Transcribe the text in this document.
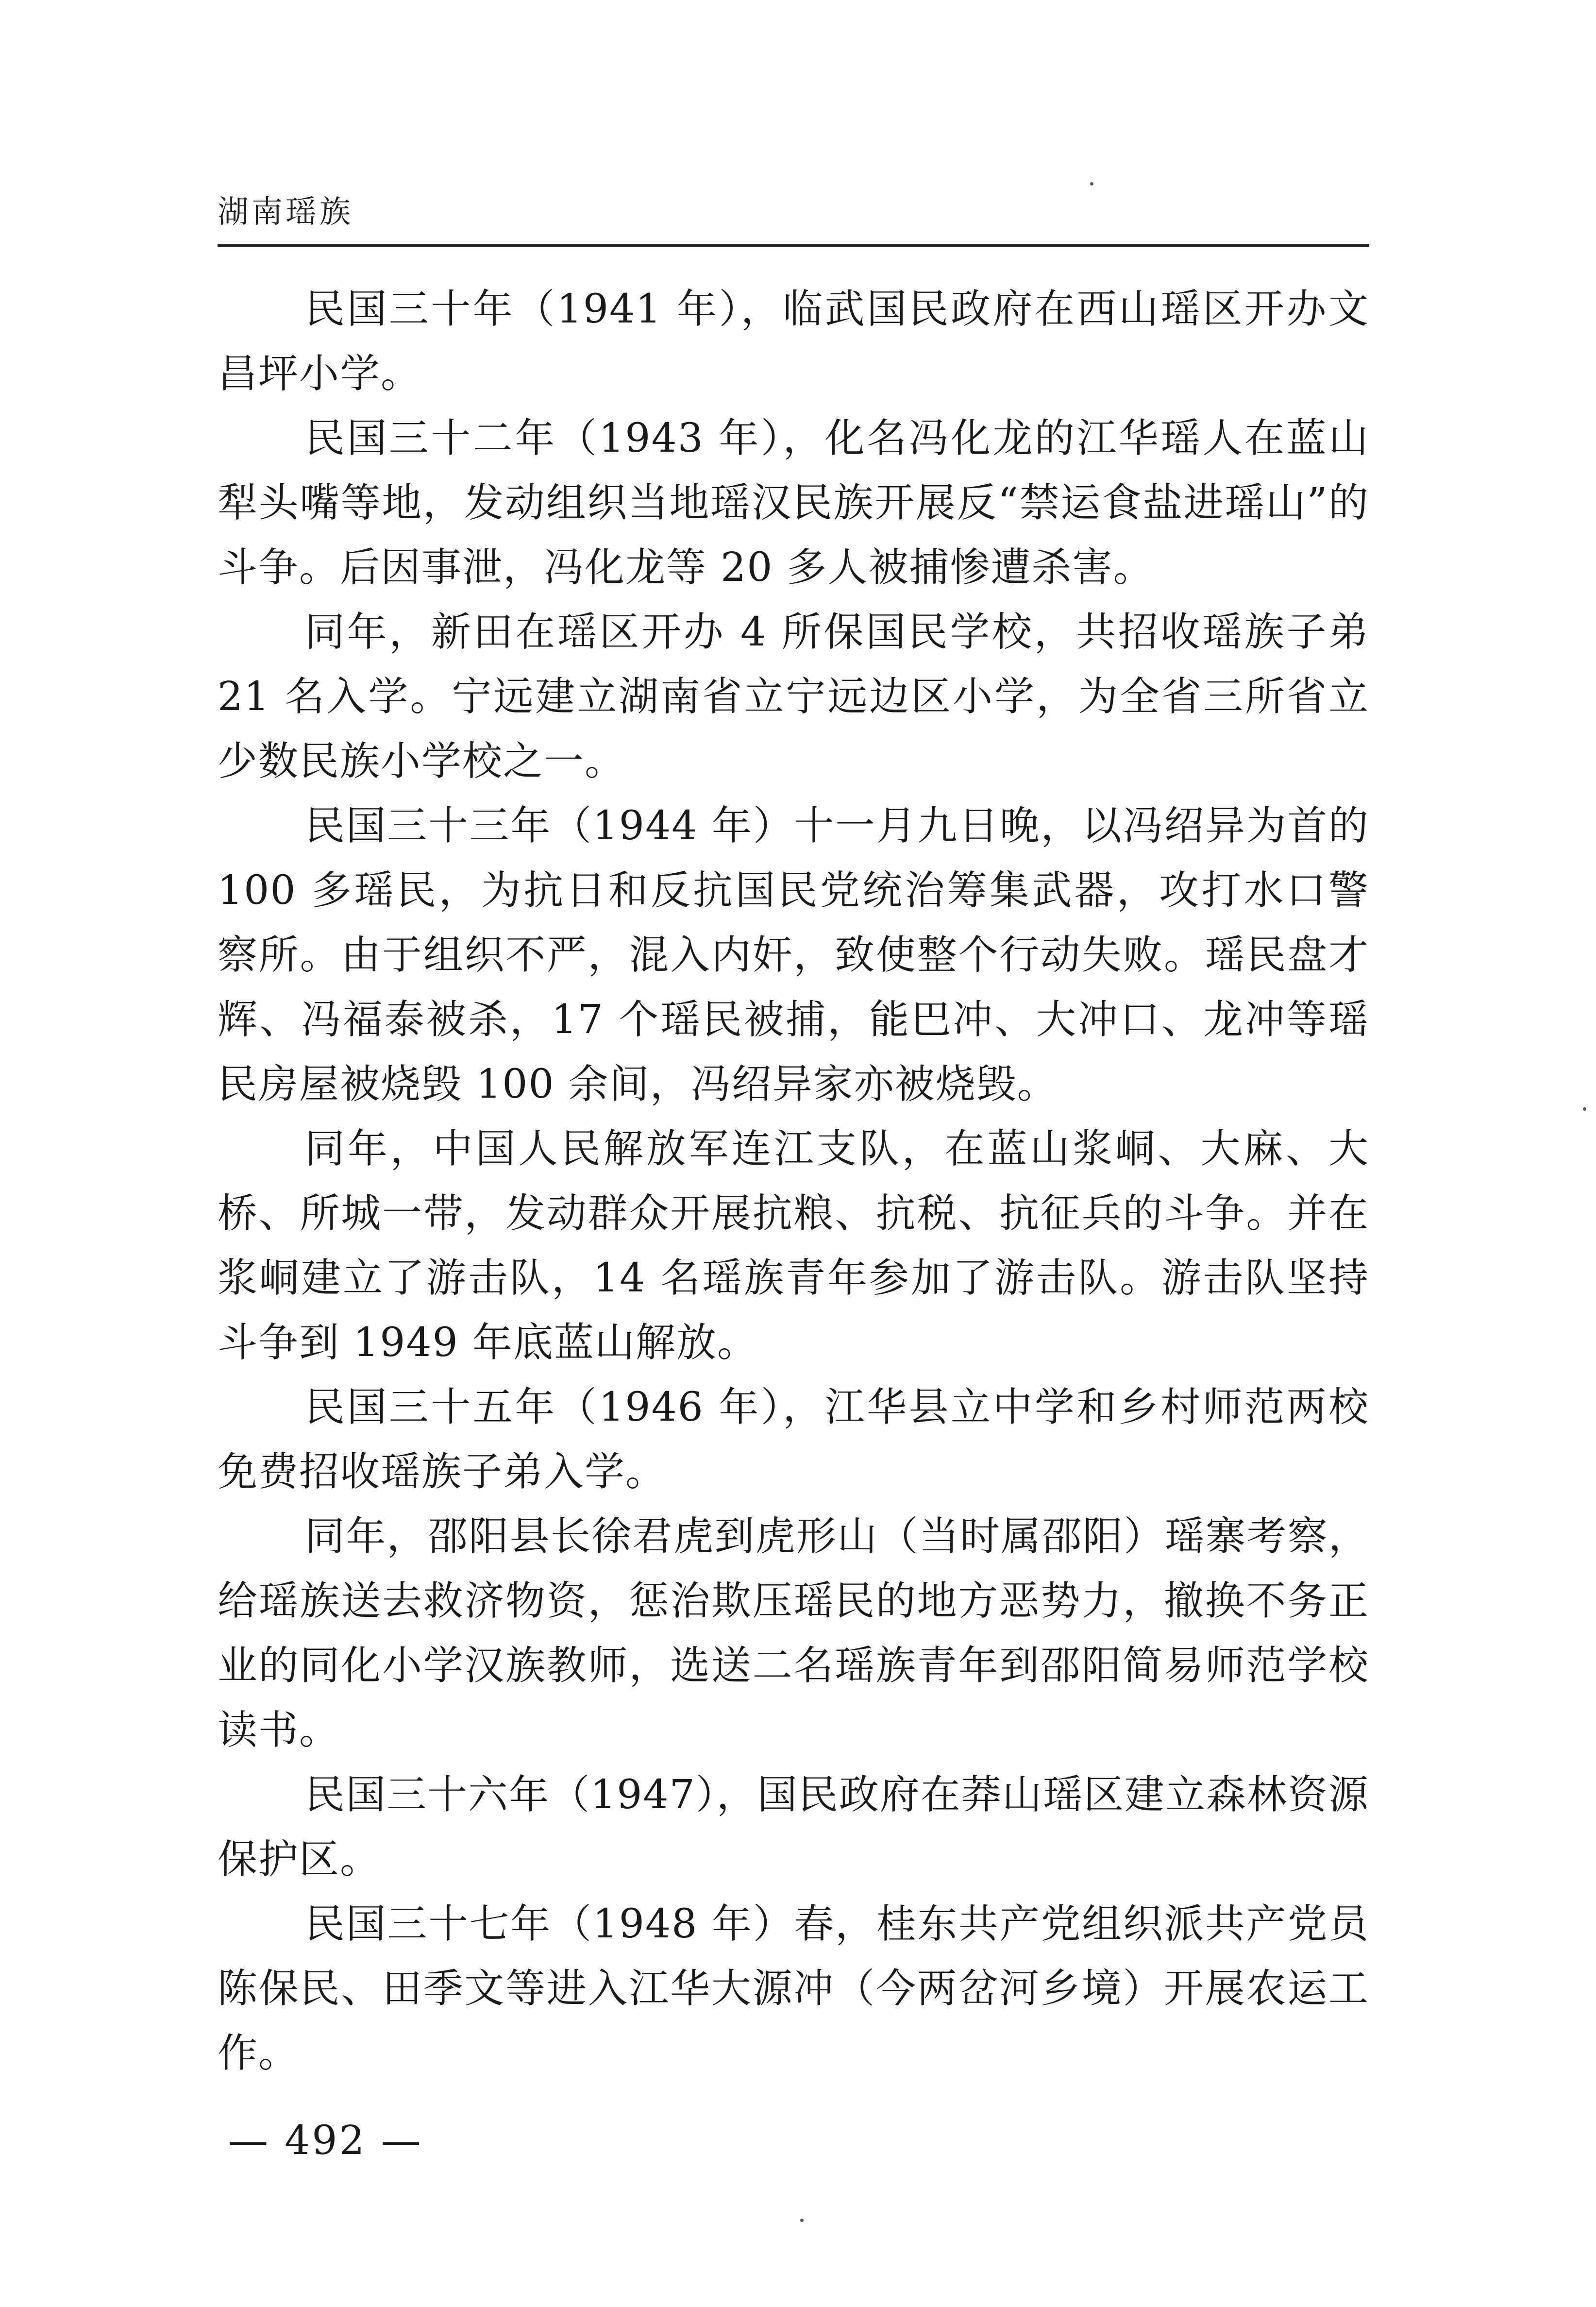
湖南瑶族

民国三十年（1941 年），临武国民政府在西山瑶区开办文昌坪小学。

民国三十二年（1943 年），化名冯化龙的江华瑶人在蓝山犁头嘴等地，发动组织当地瑶汉民族开展反“禁运食盐进瑶山”的斗争。后因事泄，冯化龙等 20 多人被捕惨遭杀害。

同年，新田在瑶区开办 4 所保国民学校，共招收瑶族子弟 21 名入学。宁远建立湖南省立宁远边区小学，为全省三所省立少数民族小学校之一。

民国三十三年（1944 年）十一月九日晚，以冯绍异为首的 100 多瑶民，为抗日和反抗国民党统治筹集武器，攻打水口警察所。由于组织不严，混入内奸，致使整个行动失败。瑶民盘才辉、冯福泰被杀，17 个瑶民被捕，能巴冲、大冲口、龙冲等瑶民房屋被烧毁 100 余间，冯绍异家亦被烧毁。

同年，中国人民解放军连江支队，在蓝山浆峒、大麻、大桥、所城一带，发动群众开展抗粮、抗税、抗征兵的斗争。并在浆峒建立了游击队，14 名瑶族青年参加了游击队。游击队坚持斗争到 1949 年底蓝山解放。

民国三十五年（1946 年），江华县立中学和乡村师范两校免费招收瑶族子弟入学。

同年，邵阳县长徐君虎到虎形山（当时属邵阳）瑶寨考察，给瑶族送去救济物资，惩治欺压瑶民的地方恶势力，撤换不务正业的同化小学汉族教师，选送二名瑶族青年到邵阳简易师范学校读书。

民国三十六年（1947），国民政府在莽山瑶区建立森林资源保护区。

民国三十七年（1948 年）春，桂东共产党组织派共产党员陈保民、田季文等进入江华大源冲（今两岔河乡境）开展农运工作。

— 492 —
